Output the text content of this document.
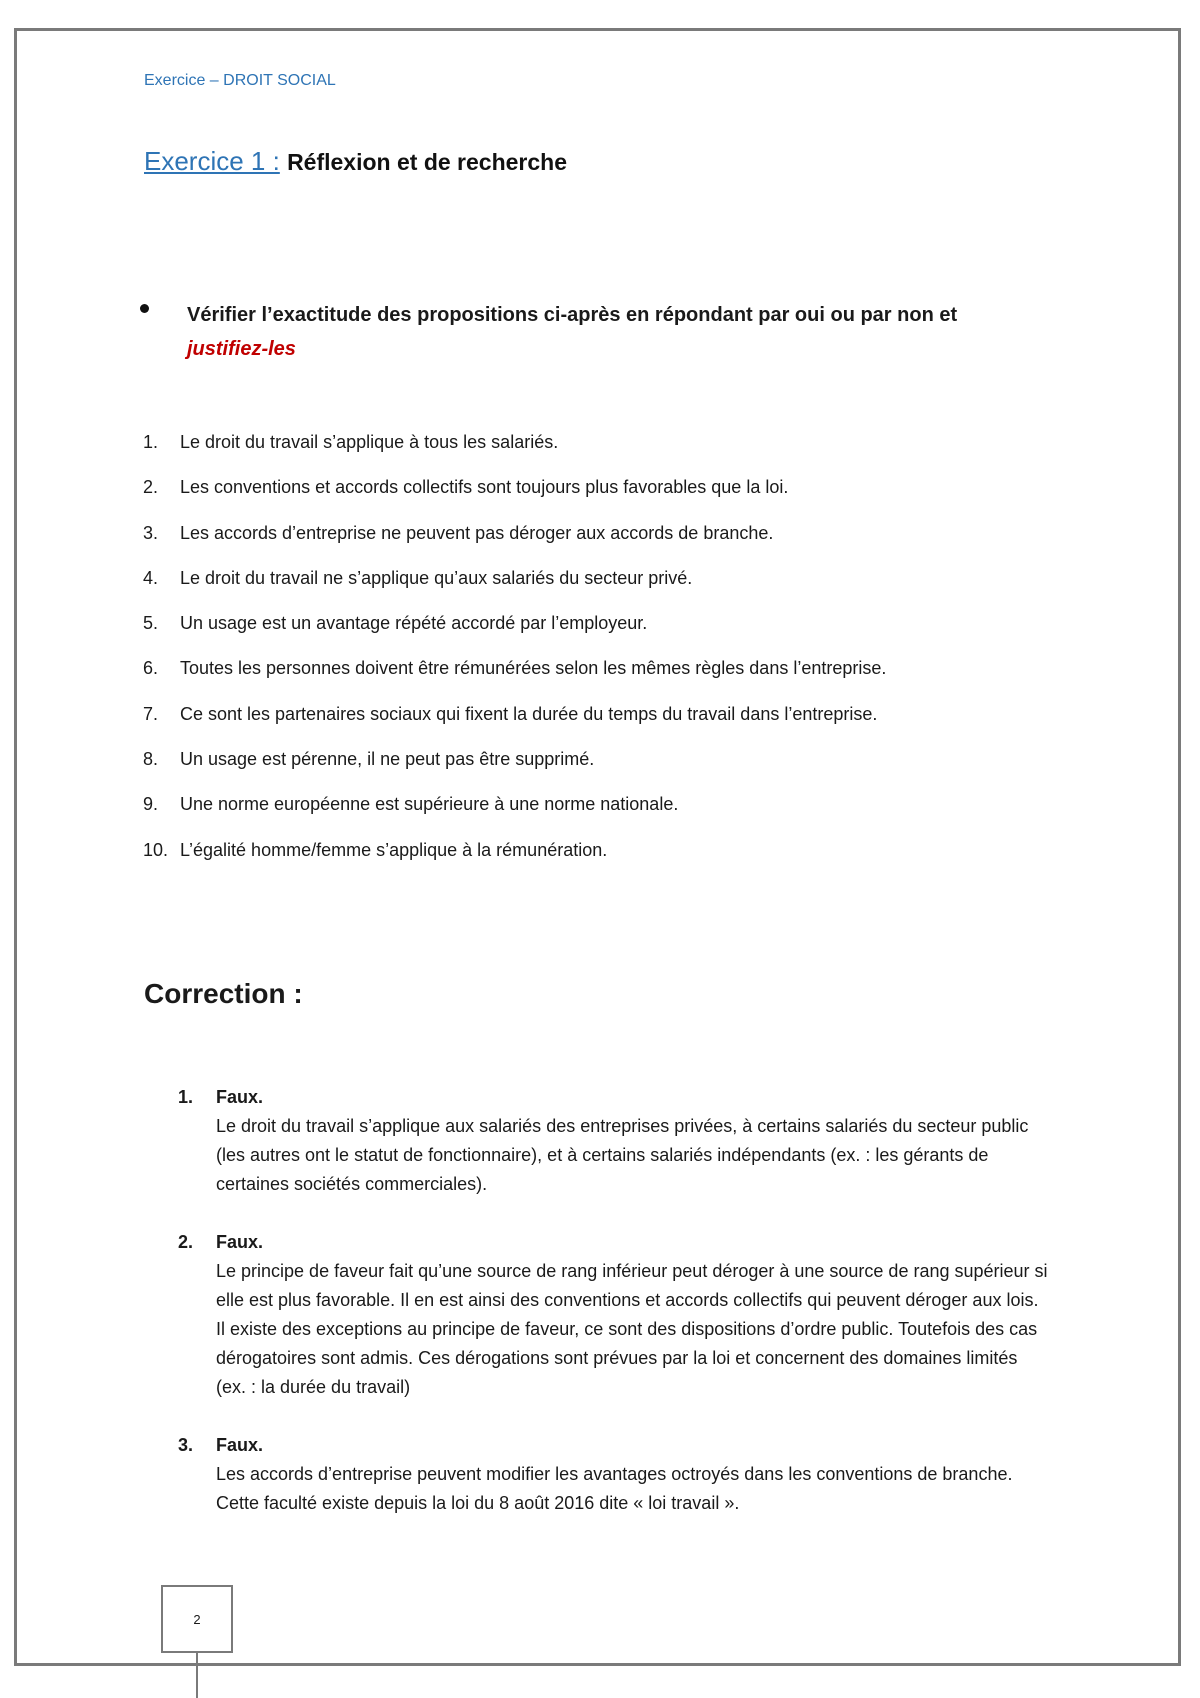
Exercice – DROIT SOCIAL
Exercice 1 : Réflexion et de recherche
Vérifier l’exactitude des propositions ci-après en répondant par oui ou par non et
justifiez-les
1.	Le droit du travail s’applique à tous les salariés.
2.	Les conventions et accords collectifs sont toujours plus favorables que la loi.
3.	Les accords d’entreprise ne peuvent pas déroger aux accords de branche.
4.	Le droit du travail ne s’applique qu’aux salariés du secteur privé.
5.	Un usage est un avantage répété accordé par l’employeur.
6.	Toutes les personnes doivent être rémunérées selon les mêmes règles dans l’entreprise.
7.	Ce sont les partenaires sociaux qui fixent la durée du temps du travail dans l’entreprise.
8.	Un usage est pérenne, il ne peut pas être supprimé.
9.	Une norme européenne est supérieure à une norme nationale.
10. L’égalité homme/femme s’applique à la rémunération.
Correction :
1. Faux.
Le droit du travail s’applique aux salariés des entreprises privées, à certains salariés du secteur public (les autres ont le statut de fonctionnaire), et à certains salariés indépendants (ex. : les gérants de certaines sociétés commerciales).
2. Faux.
Le principe de faveur fait qu’une source de rang inférieur peut déroger à une source de rang supérieur si elle est plus favorable. Il en est ainsi des conventions et accords collectifs qui peuvent déroger aux lois. Il existe des exceptions au principe de faveur, ce sont des dispositions d’ordre public. Toutefois des cas dérogatoires sont admis. Ces dérogations sont prévues par la loi et concernent des domaines limités (ex. : la durée du travail)
3. Faux.
Les accords d’entreprise peuvent modifier les avantages octroyés dans les conventions de branche. Cette faculté existe depuis la loi du 8 août 2016 dite « loi travail ».
2
